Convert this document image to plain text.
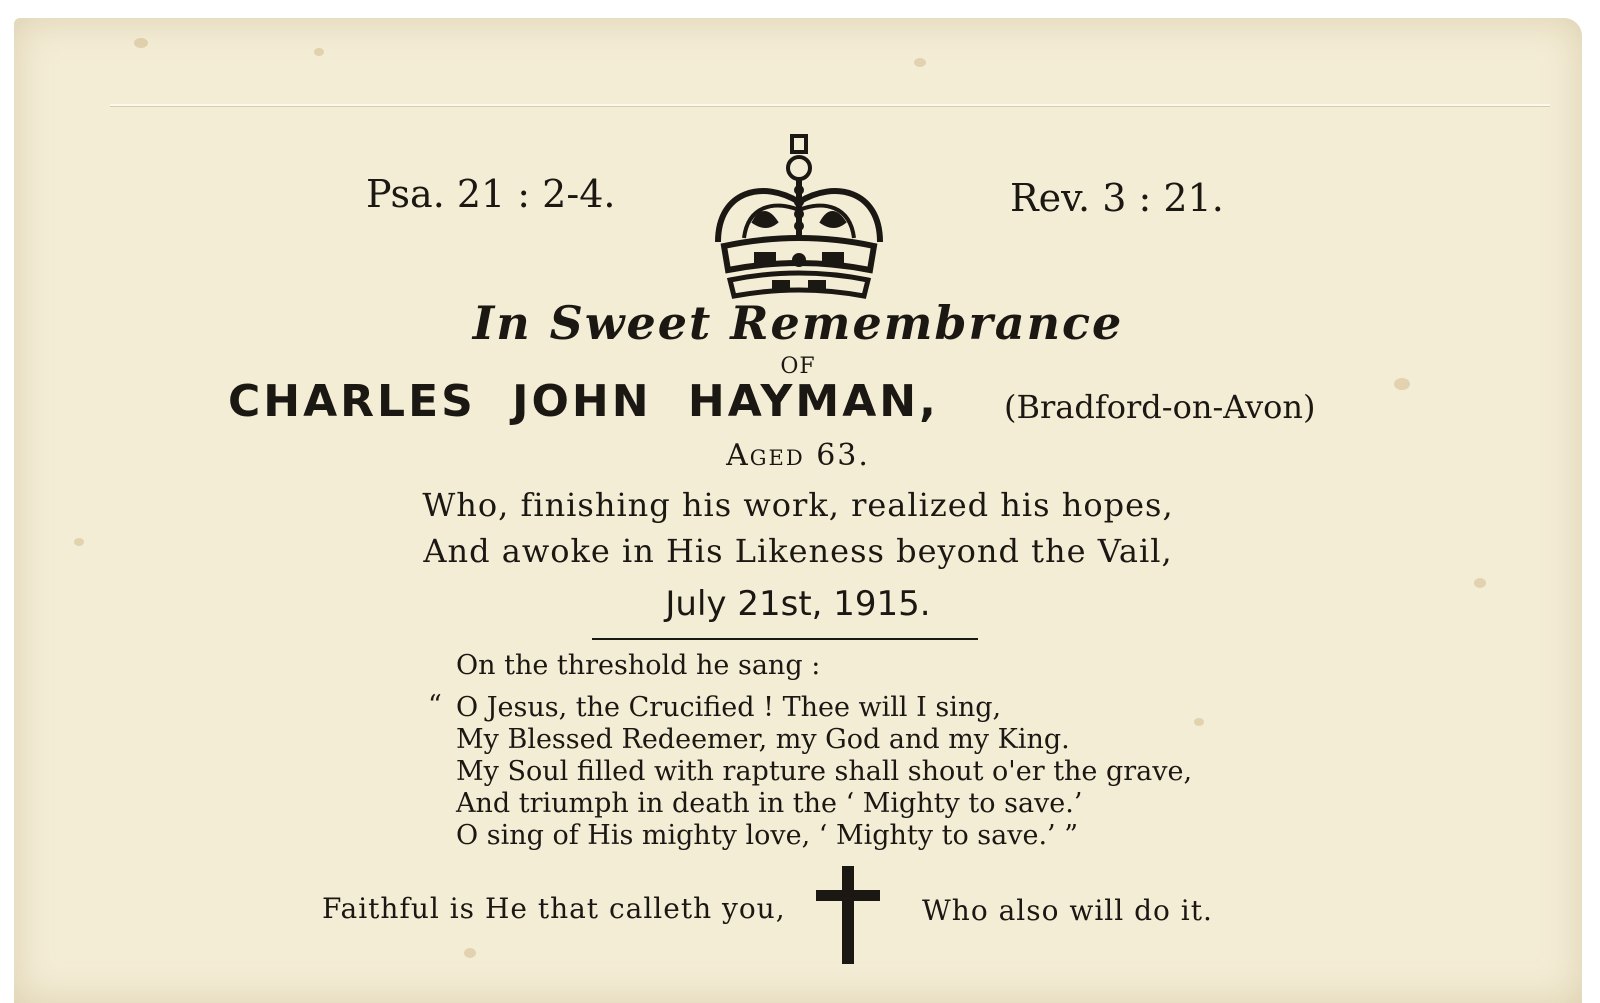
Psa. 21 : 2-4.	Rev. 3 : 21.
In Sweet Remembrance
OF
CHARLES JOHN HAYMAN, (Bradford-on-Avon)
Aged 63.
Who, finishing his work, realized his hopes,
And awoke in His Likeness beyond the Vail,
July 21st, 1915.
On the threshold he sang :
“ O Jesus, the Crucified ! Thee will I sing,
My Blessed Redeemer, my God and my King.
My Soul filled with rapture shall shout o'er the grave,
And triumph in death in the ‘ Mighty to save.’
O sing of His mighty love, ‘ Mighty to save.’ ”
Faithful is He that calleth you,	Who also will do it.
